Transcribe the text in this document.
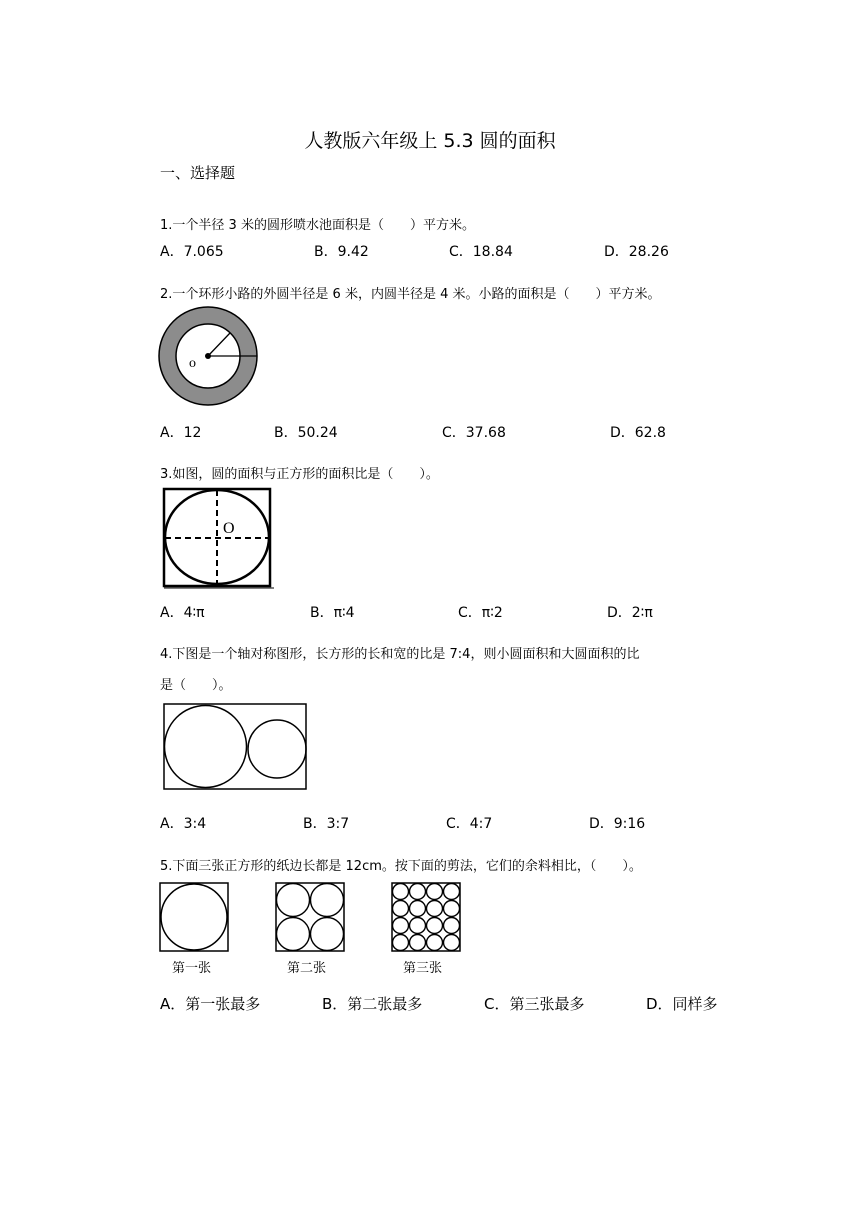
人教版六年级上 5.3 圆的面积
一、选择题
1.一个半径 3 米的圆形喷水池面积是（　　）平方米。
A．7.065	B．9.42	C．18.84	D．28.26
2.一个环形小路的外圆半径是 6 米，内圆半径是 4 米。小路的面积是（　　）平方米。
o
A．12	B．50.24	C．37.68	D．62.8
3.如图，圆的面积与正方形的面积比是（　　）。
O
A．4∶π	B．π∶4	C．π∶2	D．2∶π
4.下图是一个轴对称图形，长方形的长和宽的比是 7:4，则小圆面积和大圆面积的比
是（　　）。
A．3:4	B．3:7	C．4:7	D．9:16
5.下面三张正方形的纸边长都是 12cm。按下面的剪法，它们的余料相比，（　　）。
第一张	第二张	第三张
A．第一张最多	B．第二张最多	C．第三张最多	D．同样多
